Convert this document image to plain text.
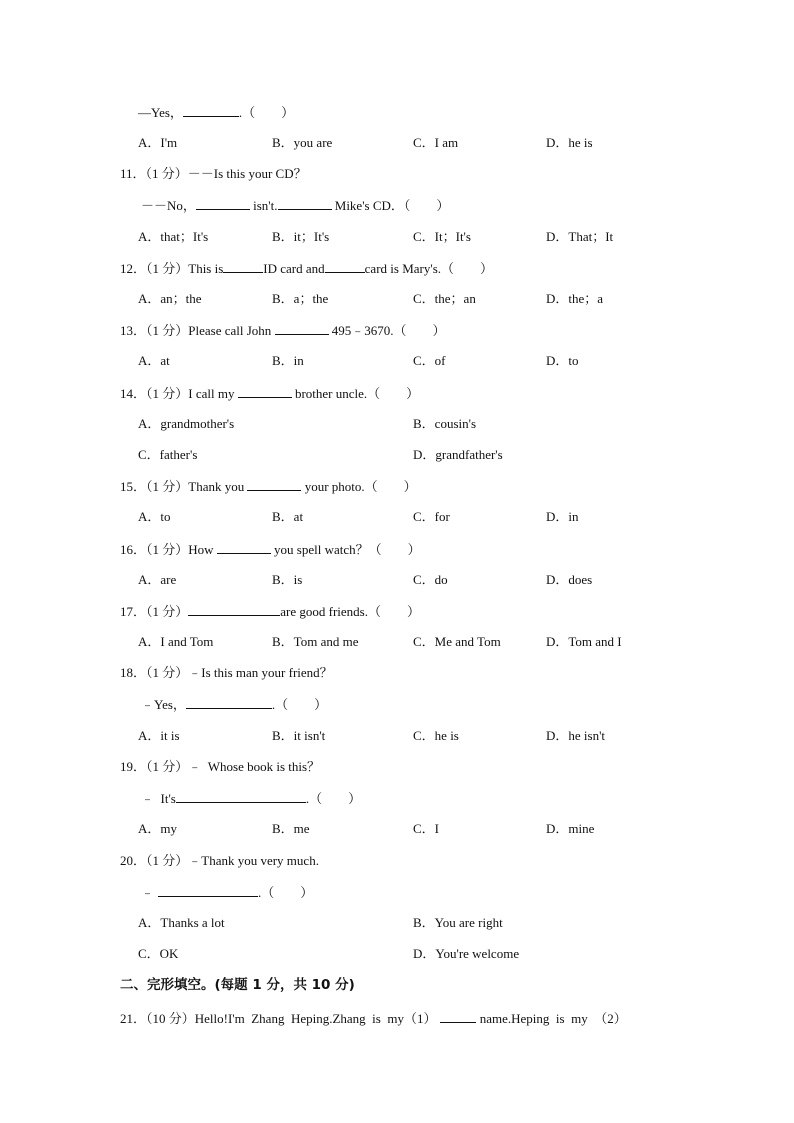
—Yes，	.（　　）
A．I'm	B．you are	C．I am	D．he is
11．（1 分）－－Is this your CD？
－－No，	isn't.	Mike's CD．（　　）
A．that；It's	B．it；It's	C．It；It's	D．That；It
12．（1 分）This is	ID card and	card is Mary's.（　　）
A．an；the	B．a；the	C．the；an	D．the；a
13．（1 分）Please call John	495﹣3670.（　　）
A．at	B．in	C．of	D．to
14．（1 分）I call my	brother uncle.（　　）
A．grandmother's	B．cousin's
C．father's	D．grandfather's
15．（1 分）Thank you	your photo.（　　）
A．to	B．at	C．for	D．in
16．（1 分）How	you spell watch？（　　）
A．are	B．is	C．do	D．does
17．（1 分）	are good friends.（　　）
A．I and Tom	B．Tom and me	C．Me and Tom	D．Tom and I
18．（1 分）﹣Is this man your friend？
﹣Yes，	.（　　）
A．it is	B．it isn't	C．he is	D．he isn't
19．（1 分）﹣  Whose book is this？
﹣  It's	.（　　）
A．my	B．me	C．I	D．mine
20．（1 分）﹣Thank you very much.
﹣	.（　　）
A．Thanks a lot	B．You are right
C．OK	D．You're welcome
二、完形填空。(每题 1 分，共 10 分)
21．（10 分）Hello!I'm  Zhang  Heping.Zhang  is  my（1）	name.Heping  is  my  （2）
